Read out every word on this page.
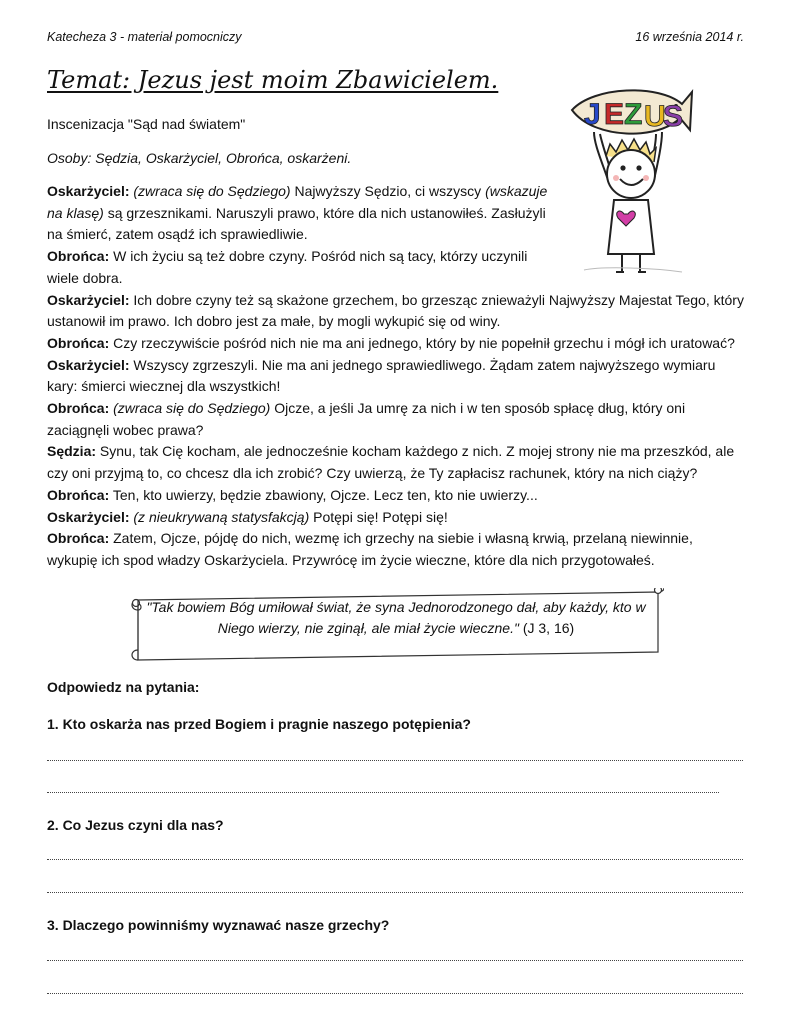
Katecheza 3 - materiał pomocniczy	16 września 2014 r.
Temat: Jezus jest moim Zbawicielem.
Inscenizacja "Sąd nad światem"
Osoby: Sędzia, Oskarżyciel, Obrońca, oskarżeni.
J E Z U
S

Oskarżyciel: (zwraca się do Sędziego) Najwyższy Sędzio, ci wszyscy (wskazuje na klasę) są grzesznikami. Naruszyli prawo, które dla nich ustanowiłeś. Zasłużyli na śmierć, zatem osądź ich sprawiedliwie.

Obrońca: W ich życiu są też dobre czyny. Pośród nich są tacy, którzy uczynili wiele dobra.

Oskarżyciel: Ich dobre czyny też są skażone grzechem, bo grzesząc znieważyli Najwyższy Majestat Tego, który ustanowił im prawo. Ich dobro jest za małe, by mogli wykupić się od winy.

Obrońca: Czy rzeczywiście pośród nich nie ma ani jednego, który by nie popełnił grzechu i mógł ich uratować?

Oskarżyciel: Wszyscy zgrzeszyli. Nie ma ani jednego sprawiedliwego. Żądam zatem najwyższego wymiaru kary: śmierci wiecznej dla wszystkich!

Obrońca: (zwraca się do Sędziego) Ojcze, a jeśli Ja umrę za nich i w ten sposób spłacę dług, który oni zaciągnęli wobec prawa?

Sędzia: Synu, tak Cię kocham, ale jednocześnie kocham każdego z nich. Z mojej strony nie ma przeszkód, ale czy oni przyjmą to, co chcesz dla ich zrobić? Czy uwierzą, że Ty zapłacisz rachunek, który na nich ciąży?

Obrońca: Ten, kto uwierzy, będzie zbawiony, Ojcze. Lecz ten, kto nie uwierzy...

Oskarżyciel: (z nieukrywaną statysfakcją) Potępi się! Potępi się!

Obrońca: Zatem, Ojcze, pójdę do nich, wezmę ich grzechy na siebie i własną krwią, przelaną niewinnie, wykupię ich spod władzy Oskarżyciela. Przywrócę im życie wieczne, które dla nich przygotowałeś.

"Tak bowiem Bóg umiłował świat, że syna Jednorodzonego dał, aby każdy, kto w Niego wierzy, nie zginął, ale miał życie wieczne." (J 3, 16)

Odpowiedz na pytania:

1. Kto oskarża nas przed Bogiem i pragnie naszego potępienia?

2. Co Jezus czyni dla nas?

3. Dlaczego powinniśmy wyznawać nasze grzechy?
